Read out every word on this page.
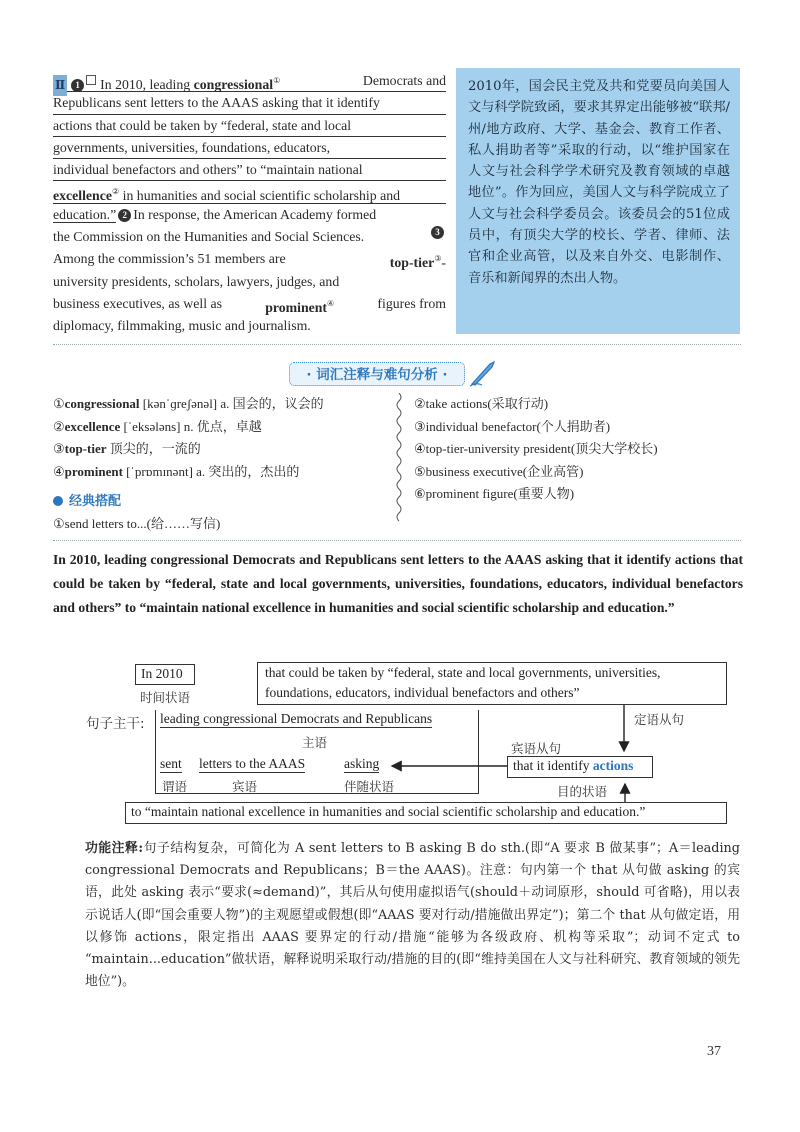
Ⅱ 1 In 2010, leading congressional①	Democrats and
Republicans sent letters to the AAAS asking that it identify
actions that could be taken by “federal, state and local
governments, universities, foundations, educators,
individual benefactors and others” to “maintain national
excellence② in humanities and social scientific scholarship and
education.” 2 In response, the American Academy formed
the Commission on the Humanities and Social Sciences.	3
Among the commission’s 51 members are	top-tier③-
university presidents, scholars, lawyers, judges, and
business executives, as well as	prominent④	figures from
diplomacy, filmmaking, music and journalism.
2010年，国会民主党及共和党要员向美国人文与科学院致函，要求其界定出能够被“联邦/州/地方政府、大学、基金会、教育工作者、私人捐助者等”采取的行动，以“维护国家在人文与社会科学学术研究及教育领域的卓越地位”。作为回应，美国人文与科学院成立了人文与社会科学委员会。该委员会的51位成员中，有顶尖大学的校长、学者、律师、法官和企业高管，以及来自外交、电影制作、音乐和新闻界的杰出人物。
· 词汇注释与难句分析 ·
①congressional [kənˈɡreʃənəl] a. 国会的，议会的
②excellence [ˈeksələns] n. 优点，卓越
③top-tier 顶尖的，一流的
④prominent [ˈprɒmɪnənt] a. 突出的，杰出的
②take actions(采取行动)
③individual benefactor(个人捐助者)
④top-tier-university president(顶尖大学校长)
⑤business executive(企业高管)
⑥prominent figure(重要人物)
经典搭配
①send letters to...(给……写信)
In 2010, leading congressional Democrats and Republicans sent letters to the AAAS asking that it identify actions that could be taken by “federal, state and local governments, universities, foundations, educators, individual benefactors and others” to “maintain national excellence in humanities and social scientific scholarship and education.”
In 2010
时间状语
that could be taken by “federal, state and local governments, universities,
foundations, educators, individual benefactors and others”
句子主干: leading congressional Democrats and Republicans
主语
sent letters to the AAAS	asking
谓语	宾语	伴随状语
宾语从句
that it identify actions
定语从句
目的状语
to “maintain national excellence in humanities and social scientific scholarship and education.”
功能注释:句子结构复杂，可简化为 A sent letters to B asking B do sth.(即“A 要求 B 做某事”；A＝leading congressional Democrats and Republicans；B＝the AAAS)。注意：句内第一个 that 从句做 asking 的宾语，此处 asking 表示“要求(≈demand)”，其后从句使用虚拟语气(should＋动词原形，should 可省略)，用以表示说话人(即“国会重要人物”)的主观愿望或假想(即“AAAS 要对行动/措施做出界定”)；第二个 that 从句做定语，用以修饰 actions，限定指出 AAAS 要界定的行动/措施“能够为各级政府、机构等采取”；动词不定式 to “maintain...education”做状语，解释说明采取行动/措施的目的(即“维持美国在人文与社科研究、教育领域的领先地位”)。
37
